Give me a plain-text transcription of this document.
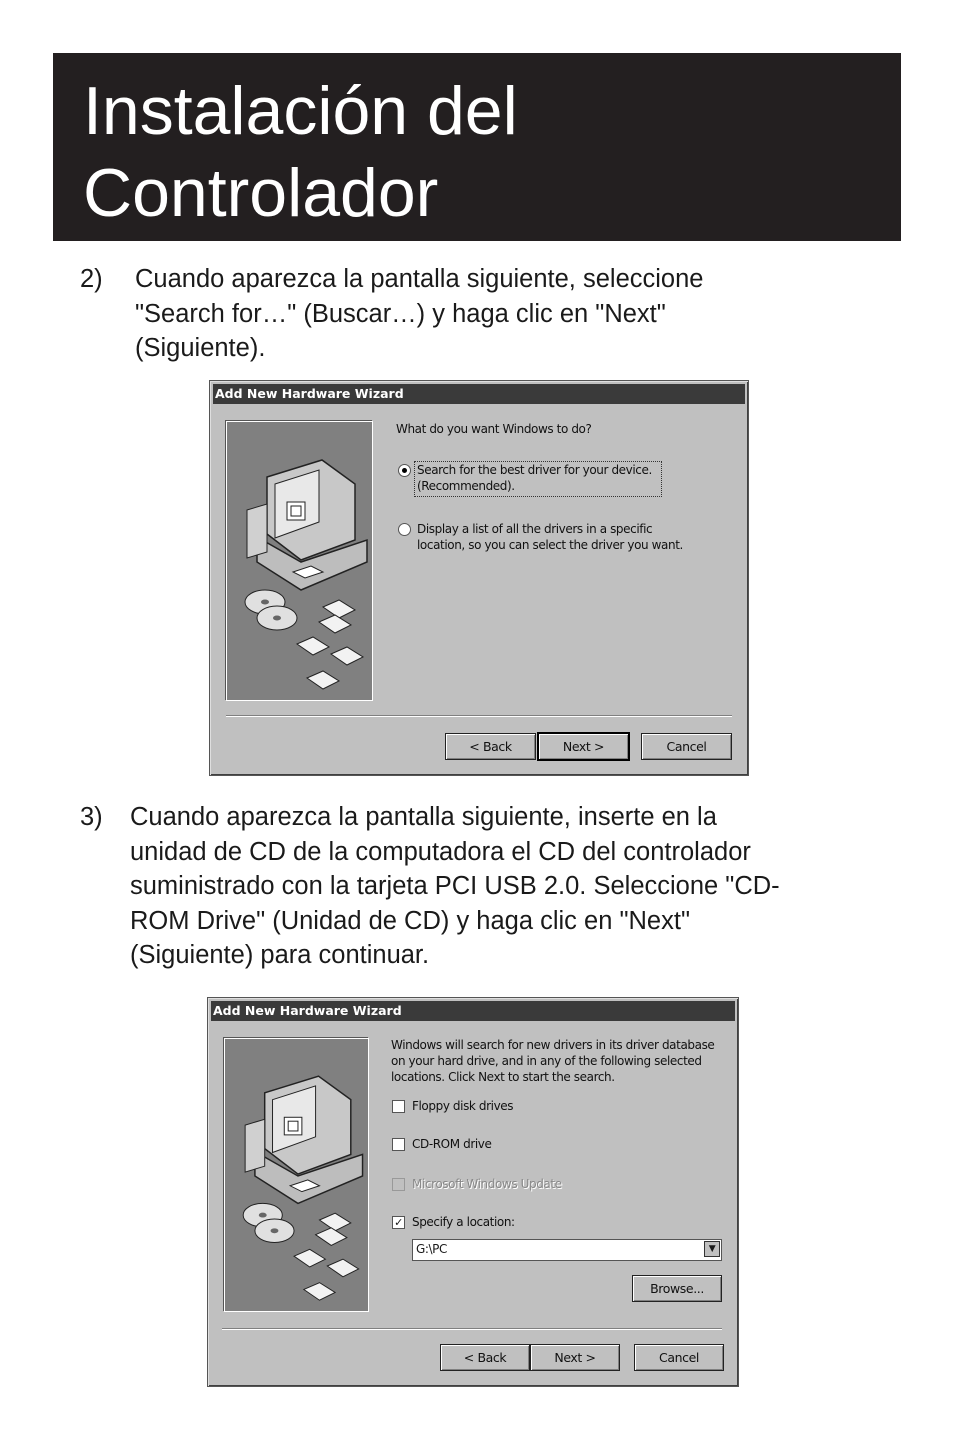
Instalación del
Controlador
2) Cuando aparezca la pantalla siguiente, seleccione
"Search for…" (Buscar…) y haga clic en "Next"
(Siguiente).
Add New Hardware Wizard
What do you want Windows to do?
Search for the best driver for your device.
(Recommended).
Display a list of all the drivers in a specific
location, so you can select the driver you want.
< Back	Next >	Cancel
3) Cuando aparezca la pantalla siguiente, inserte en la
unidad de CD de la computadora el CD del controlador
suministrado con la tarjeta PCI USB 2.0. Seleccione "CD-
ROM Drive" (Unidad de CD) y haga clic en "Next"
(Siguiente) para continuar.
Add New Hardware Wizard
Windows will search for new drivers in its driver database
on your hard drive, and in any of the following selected
locations. Click Next to start the search.
Floppy disk drives
CD-ROM drive
Microsoft Windows Update
✓ Specify a location:
G:\PC	▼
Browse...
< Back	Next >	Cancel
